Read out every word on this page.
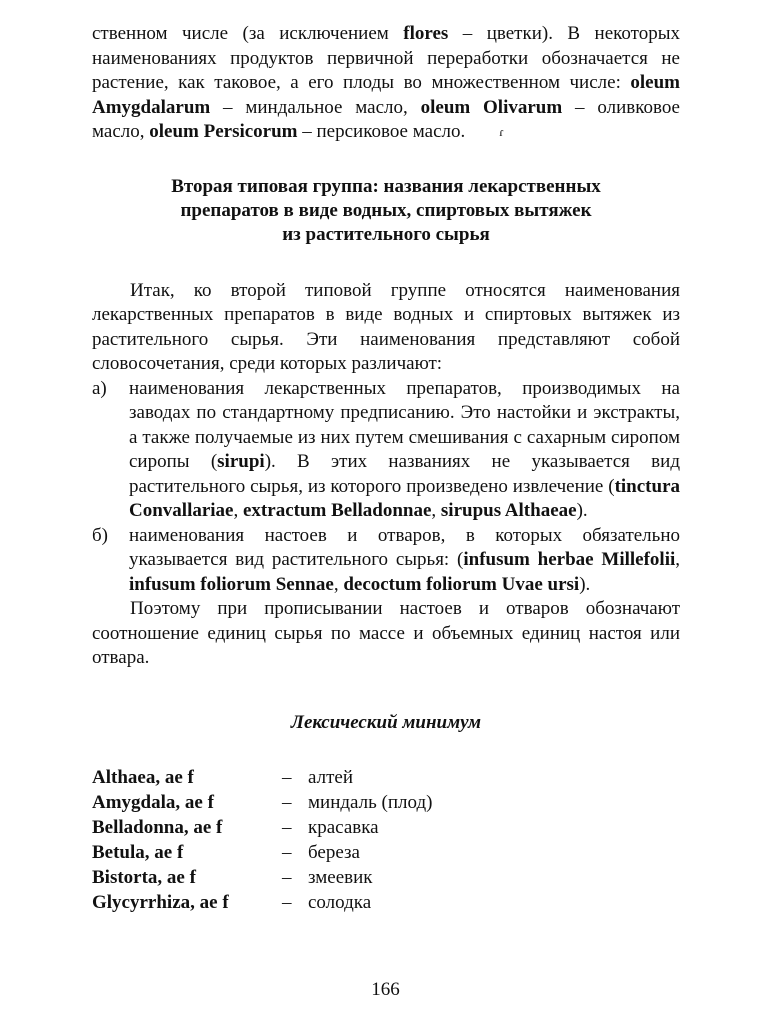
ственном числе (за исключением flores – цветки). В некоторых наименованиях продуктов первичной переработки обозначается не растение, как таковое, а его плоды во множественном числе: oleum Amygdalarum – миндальное масло, oleum Olivarum – оливковое масло, oleum Persicorum – персиковое масло.	ɾ

Вторая типовая группа: названия лекарственных
препаратов в виде водных, спиртовых вытяжек
из растительного сырья

Итак, ко второй типовой группе относятся наименования лекарственных препаратов в виде водных и спиртовых вытяжек из растительного сырья. Эти наименования представляют собой словосочетания, среди которых различают:

а)	наименования лекарственных препаратов, производимых на заводах по стандартному предписанию. Это настойки и экстракты, а также получаемые из них путем смешивания с сахарным сиропом сиропы (sirupi). В этих названиях не указывается вид растительного сырья, из которого произведено извлечение (tinctura Convallariae, extractum Belladonnae, sirupus Althaeae).
б)	наименования настоев и отваров, в которых обязательно указывается вид растительного сырья: (infusum herbae Millefolii, infusum foliorum Sennae, decoctum foliorum Uvae ursi).

Поэтому при прописывании настоев и отваров обозначают соотношение единиц сырья по массе и объемных единиц настоя или отвара.

Лексический минимум
Althaea, ae f	– алтей
Amygdala, ae f	– миндаль (плод)
Belladonna, ae f	– красавка
Betula, ae f	– береза
Bistorta, ae f	– змеевик
Glycyrrhiza, ae f	– солодка
166
